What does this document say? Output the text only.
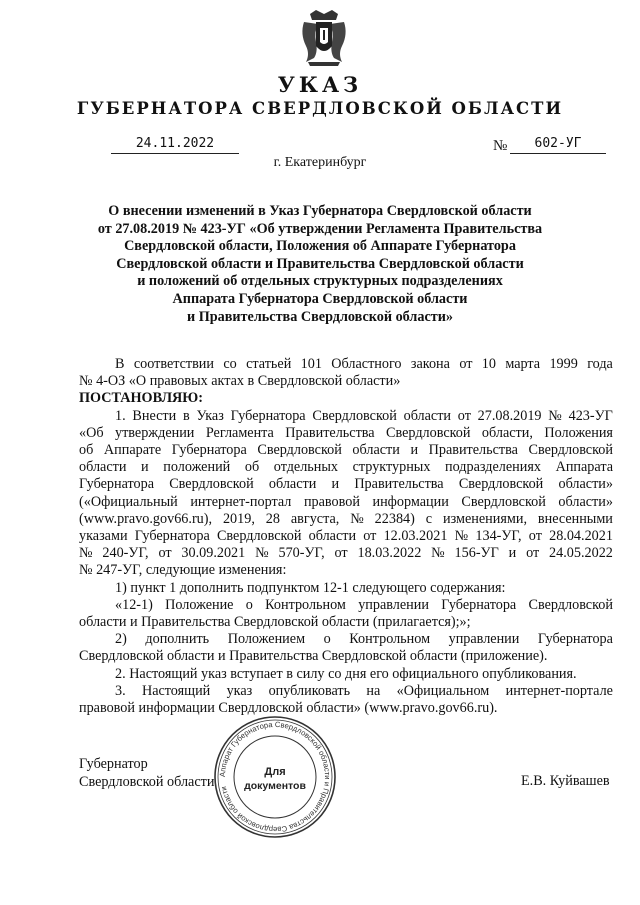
УКАЗ
ГУБЕРНАТОРА СВЕРДЛОВСКОЙ ОБЛАСТИ
24.11.2022	№	602-УГ
г. Екатеринбург
О внесении изменений в Указ Губернатора Свердловской области
от 27.08.2019 № 423-УГ «Об утверждении Регламента Правительства
Свердловской области, Положения об Аппарате Губернатора
Свердловской области и Правительства Свердловской области
и положений об отдельных структурных подразделениях
Аппарата Губернатора Свердловской области
и Правительства Свердловской области»
В соответствии со статьей 101 Областного закона от 10 марта 1999 года
№ 4-ОЗ «О правовых актах в Свердловской области»
ПОСТАНОВЛЯЮ:
1. Внести в Указ Губернатора Свердловской области от 27.08.2019 № 423-УГ
«Об утверждении Регламента Правительства Свердловской области, Положения
об Аппарате Губернатора Свердловской области и Правительства Свердловской
области и положений об отдельных структурных подразделениях Аппарата
Губернатора Свердловской области и Правительства Свердловской области»
(«Официальный интернет-портал правовой информации Свердловской области»
(www.pravo.gov66.ru), 2019, 28 августа, № 22384) с изменениями, внесенными
указами Губернатора Свердловской области от 12.03.2021 № 134-УГ, от 28.04.2021
№ 240-УГ, от 30.09.2021 № 570-УГ, от 18.03.2022 № 156-УГ и от 24.05.2022
№ 247-УГ, следующие изменения:
1) пункт 1 дополнить подпунктом 12-1 следующего содержания:
«12-1) Положение о Контрольном управлении Губернатора Свердловской
области и Правительства Свердловской области (прилагается);»;
2) дополнить Положением о Контрольном управлении Губернатора
Свердловской области и Правительства Свердловской области (приложение).
2. Настоящий указ вступает в силу со дня его официального опубликования.
3. Настоящий указ опубликовать на «Официальном интернет-портале
правовой информации Свердловской области» (www.pravo.gov66.ru).
Губернатор
Свердловской области	Е.В. Куйвашев
Аппарат Губернатора Свердловской области и Правительства Свердловской области
Для
документов
